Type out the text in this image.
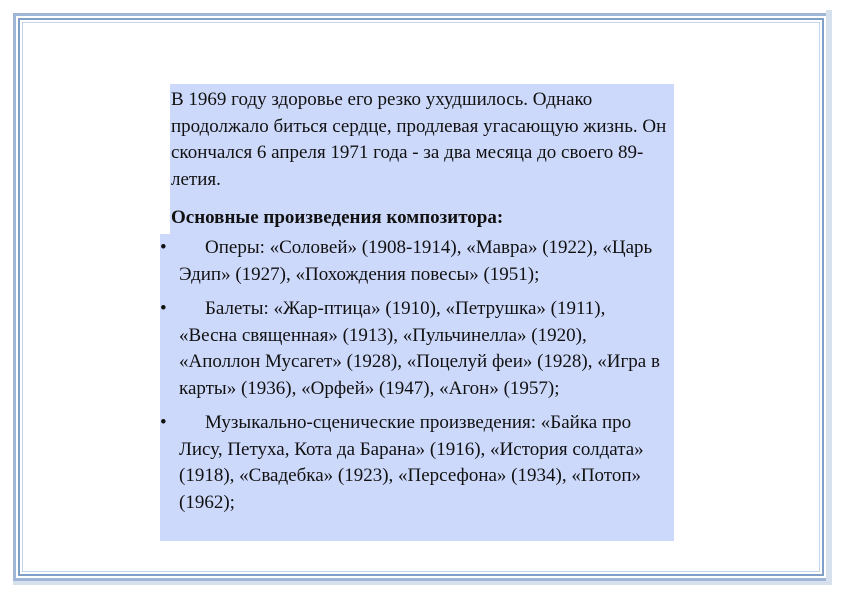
В 1969 году здоровье его резко ухудшилось. Однако продолжало биться сердце, продлевая угасающую жизнь. Он скончался 6 апреля 1971 года - за два месяца до своего 89-летия.
Основные произведения композитора:
• Оперы: «Соловей» (1908-1914), «Мавра» (1922), «Царь Эдип» (1927), «Похождения повесы» (1951);
• Балеты: «Жар-птица» (1910), «Петрушка» (1911), «Весна священная» (1913), «Пульчинелла» (1920), «Аполлон Мусагет» (1928), «Поцелуй феи» (1928), «Игра в карты» (1936), «Орфей» (1947), «Агон» (1957);
• Музыкально-сценические произведения: «Байка про Лису, Петуха, Кота да Барана» (1916), «История солдата» (1918), «Свадебка» (1923), «Персефона» (1934), «Потоп» (1962);
